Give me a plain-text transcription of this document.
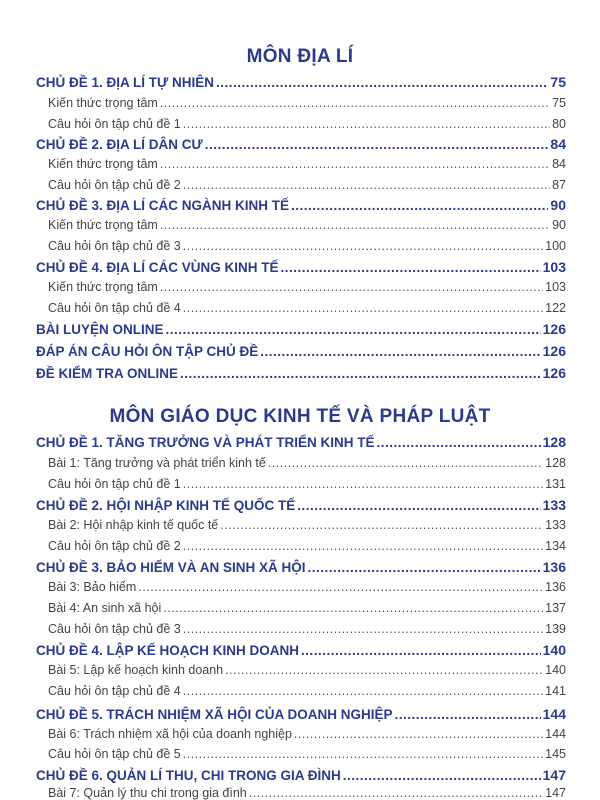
MÔN ĐỊA LÍ
CHỦ ĐỀ 1. ĐỊA LÍ TỰ NHIÊN .....	75
Kiến thức trọng tâm .....	75
Câu hỏi ôn tập chủ đề 1 .....	80
CHỦ ĐỀ 2. ĐỊA LÍ DÂN CƯ .....	84
Kiến thức trọng tâm .....	84
Câu hỏi ôn tập chủ đề 2 .....	87
CHỦ ĐỀ 3. ĐỊA LÍ CÁC NGÀNH KINH TẾ .....	90
Kiến thức trọng tâm .....	90
Câu hỏi ôn tập chủ đề 3 .....	100
CHỦ ĐỀ 4. ĐỊA LÍ CÁC VÙNG KINH TẾ .....	103
Kiến thức trọng tâm .....	103
Câu hỏi ôn tập chủ đề 4 .....	122
BÀI LUYỆN ONLINE .....	126
ĐÁP ÁN CÂU HỎI ÔN TẬP CHỦ ĐỀ .....	126
ĐỀ KIỂM TRA ONLINE .....	126
MÔN GIÁO DỤC KINH TẾ VÀ PHÁP LUẬT
CHỦ ĐỀ 1. TĂNG TRƯỞNG VÀ PHÁT TRIỂN KINH TẾ .....	128
Bài 1: Tăng trưởng và phát triển kinh tế .....	128
Câu hỏi ôn tập chủ đề 1 .....	131
CHỦ ĐỀ 2. HỘI NHẬP KINH TẾ QUỐC TẾ .....	133
Bài 2: Hội nhập kinh tế quốc tế .....	133
Câu hỏi ôn tập chủ đề 2 .....	134
CHỦ ĐỀ 3. BẢO HIỂM VÀ AN SINH XÃ HỘI .....	136
Bài 3: Bảo hiểm .....	136
Bài 4: An sinh xã hội .....	137
Câu hỏi ôn tập chủ đề 3 .....	139
CHỦ ĐỀ 4. LẬP KẾ HOẠCH KINH DOANH .....	140
Bài 5: Lập kế hoạch kinh doanh .....	140
Câu hỏi ôn tập chủ đề 4 .....	141
CHỦ ĐỀ 5. TRÁCH NHIỆM XÃ HỘI CỦA DOANH NGHIỆP .....	144
Bài 6: Trách nhiệm xã hội của doanh nghiệp .....	144
Câu hỏi ôn tập chủ đề 5 .....	145
CHỦ ĐỀ 6. QUẢN LÍ THU, CHI TRONG GIA ĐÌNH .....	147
Bài 7: Quản lý thu chi trong gia đình .....	147
